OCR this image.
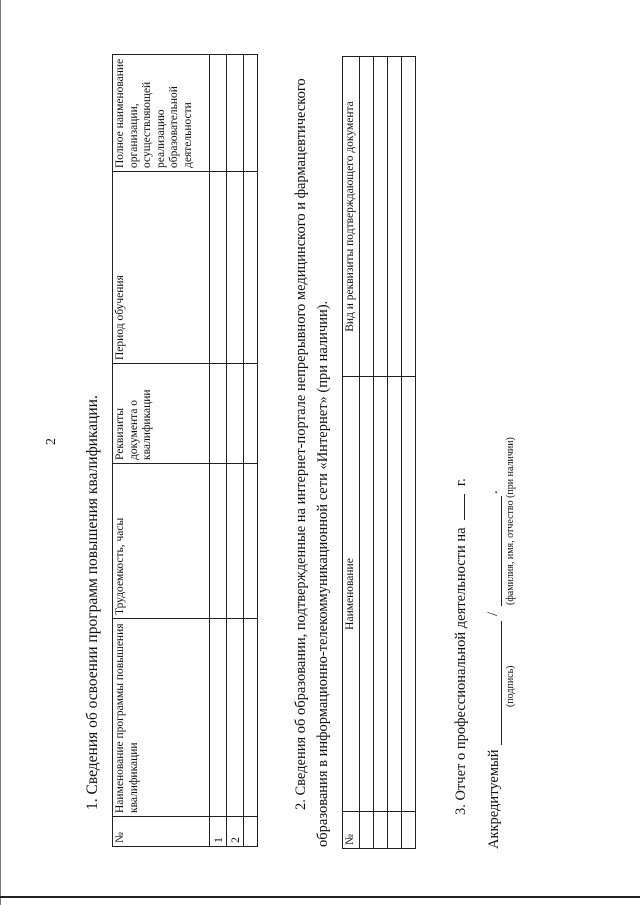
2 1. Сведения об освоении программ повышения квалификации.
№	Наименование программы повышения квалификации	Трудоемкость, часы	Реквизиты документа о квалификации	Период обучения	Полное наименование организации, осуществляющей реализацию образовательной деятельности
1					
2					

2. Сведения об образовании, подтвержденные на интернет-портале непрерывного медицинского и фармацевтического образования в информационно-телекоммуникационной сети «Интернет» (при наличии). №	Наименование	Вид и реквизиты подтверждающего документа

3. Отчет о профессиональной деятельности на  г.
Аккредитуемый
/
.
(подпись)
(фамилия, имя, отчество (при наличии)
